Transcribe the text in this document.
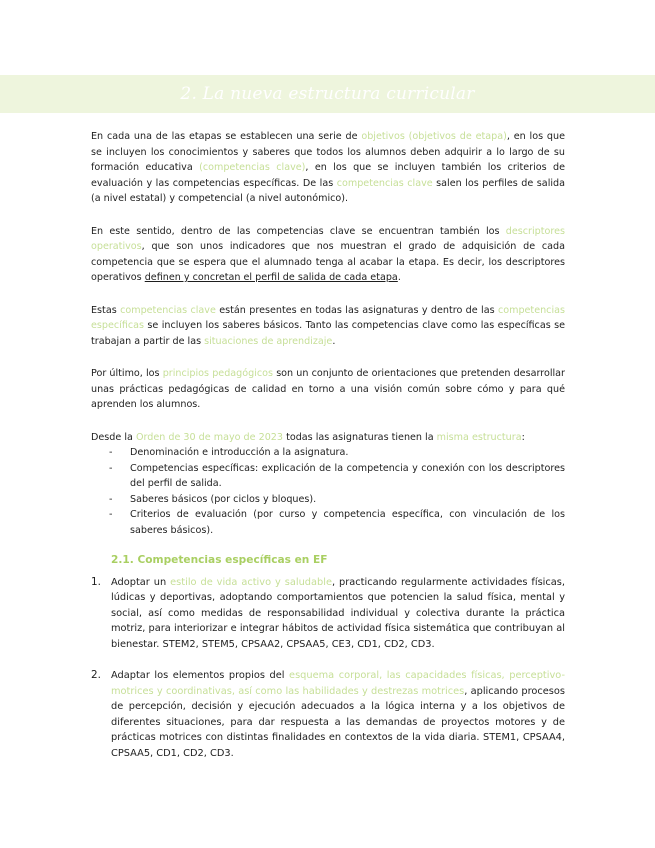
2. La nueva estructura curricular

En cada una de las etapas se establecen una serie de objetivos (objetivos de etapa), en los que se incluyen los conocimientos y saberes que todos los alumnos deben adquirir a lo largo de su formación educativa (competencias clave), en los que se incluyen también los criterios de evaluación y las competencias específicas. De las competencias clave salen los perfiles de salida (a nivel estatal) y competencial (a nivel autonómico).

En este sentido, dentro de las competencias clave se encuentran también los descriptores operativos, que son unos indicadores que nos muestran el grado de adquisición de cada competencia que se espera que el alumnado tenga al acabar la etapa. Es decir, los descriptores operativos definen y concretan el perfil de salida de cada etapa.

Estas competencias clave están presentes en todas las asignaturas y dentro de las competencias específicas se incluyen los saberes básicos. Tanto las competencias clave como las específicas se trabajan a partir de las situaciones de aprendizaje.

Por último, los principios pedagógicos son un conjunto de orientaciones que pretenden desarrollar unas prácticas pedagógicas de calidad en torno a una visión común sobre cómo y para qué aprenden los alumnos.

Desde la Orden de 30 de mayo de 2023 todas las asignaturas tienen la misma estructura:

- Denominación e introducción a la asignatura.
- Competencias específicas: explicación de la competencia y conexión con los descriptores del perfil de salida.
- Saberes básicos (por ciclos y bloques).
- Criterios de evaluación (por curso y competencia específica, con vinculación de los saberes básicos).
2.1. Competencias específicas en EF
1. Adoptar un estilo de vida activo y saludable, practicando regularmente actividades físicas, lúdicas y deportivas, adoptando comportamientos que potencien la salud física, mental y social, así como medidas de responsabilidad individual y colectiva durante la práctica motriz, para interiorizar e integrar hábitos de actividad física sistemática que contribuyan al bienestar. STEM2, STEM5, CPSAA2, CPSAA5, CE3, CD1, CD2, CD3.
2. Adaptar los elementos propios del esquema corporal, las capacidades físicas, perceptivo-motrices y coordinativas, así como las habilidades y destrezas motrices, aplicando procesos de percepción, decisión y ejecución adecuados a la lógica interna y a los objetivos de diferentes situaciones, para dar respuesta a las demandas de proyectos motores y de prácticas motrices con distintas finalidades en contextos de la vida diaria. STEM1, CPSAA4, CPSAA5, CD1, CD2, CD3.
